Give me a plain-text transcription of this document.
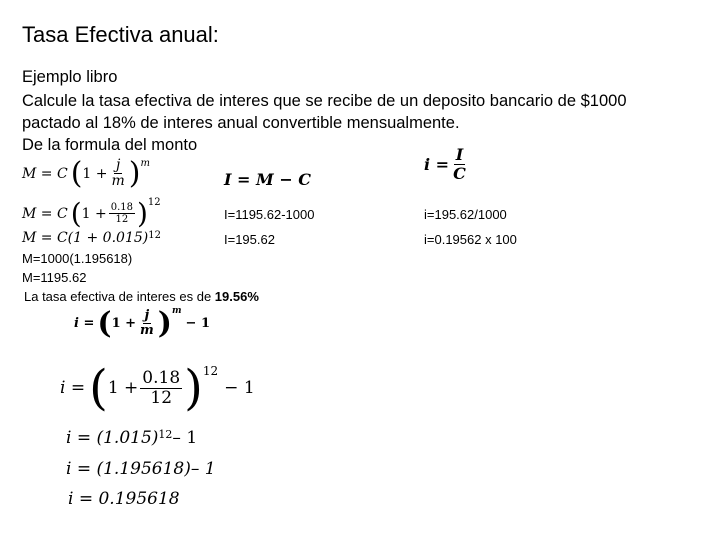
Tasa Efectiva anual:
Ejemplo libro
Calcule la tasa efectiva de interes que se recibe de un deposito bancario de $1000
pactado al 18% de interes anual convertible mensualmente.
De la formula del monto
M = C ( $1 + \frac{j}{m}$ ) m
M = C ( $1 + \frac{0.18}{12}$ ) 12
M = C(1 + 0.015) 12
M=1000(1.195618)
M=1195.62
I = M − C
I=1195.62-1000
I=195.62
$i = \frac{I}{C}$
i=195.62/1000
i=0.19562 x 100
La tasa efectiva de interes es de 19.56%
i = ( $1 + \frac{j}{m}$ ) m
− 1
i = ( $1 + \frac{0.18}{12}$ ) 12
− 1
i = (1.015) 12 – 1
i = (1.195618)– 1
i = 0.195618
